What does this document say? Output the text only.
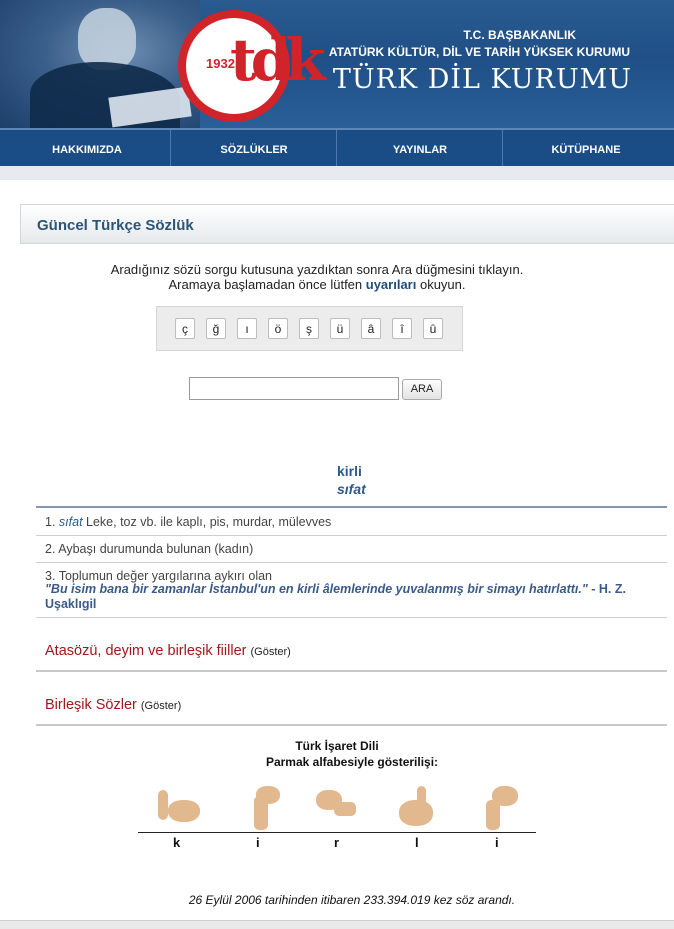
1932
tdk	T.C. BAŞBAKANLIK
ATATÜRK KÜLTÜR, DİL VE TARİH YÜKSEK KURUMU
TÜRK DİL KURUMU
HAKKIMIZDA	SÖZLÜKLER	YAYINLAR	KÜTÜPHANE
Güncel Türkçe Sözlük
Aradığınız sözü sorgu kutusuna yazdıktan sonra Ara düğmesini tıklayın.
Aramaya başlamadan önce lütfen uyarıları okuyun.
ç	ğ	ı	ö	ş	ü	â	î	û
ARA
kirli
sıfat
1. sıfat Leke, toz vb. ile kaplı, pis, murdar, mülevves
2. Aybaşı durumunda bulunan (kadın)
3. Toplumun değer yargılarına aykırı olan
"Bu isim bana bir zamanlar İstanbul'un en kirli âlemlerinde yuvalanmış bir simayı hatırlattı." - H. Z. Uşaklıgil
Atasözü, deyim ve birleşik fiiller (Göster)
Birleşik Sözler (Göster)
Türk İşaret Dili
Parmak alfabesiyle gösterilişi:
k	i	r	l	i
26 Eylül 2006 tarihinden itibaren 233.394.019 kez söz arandı.
